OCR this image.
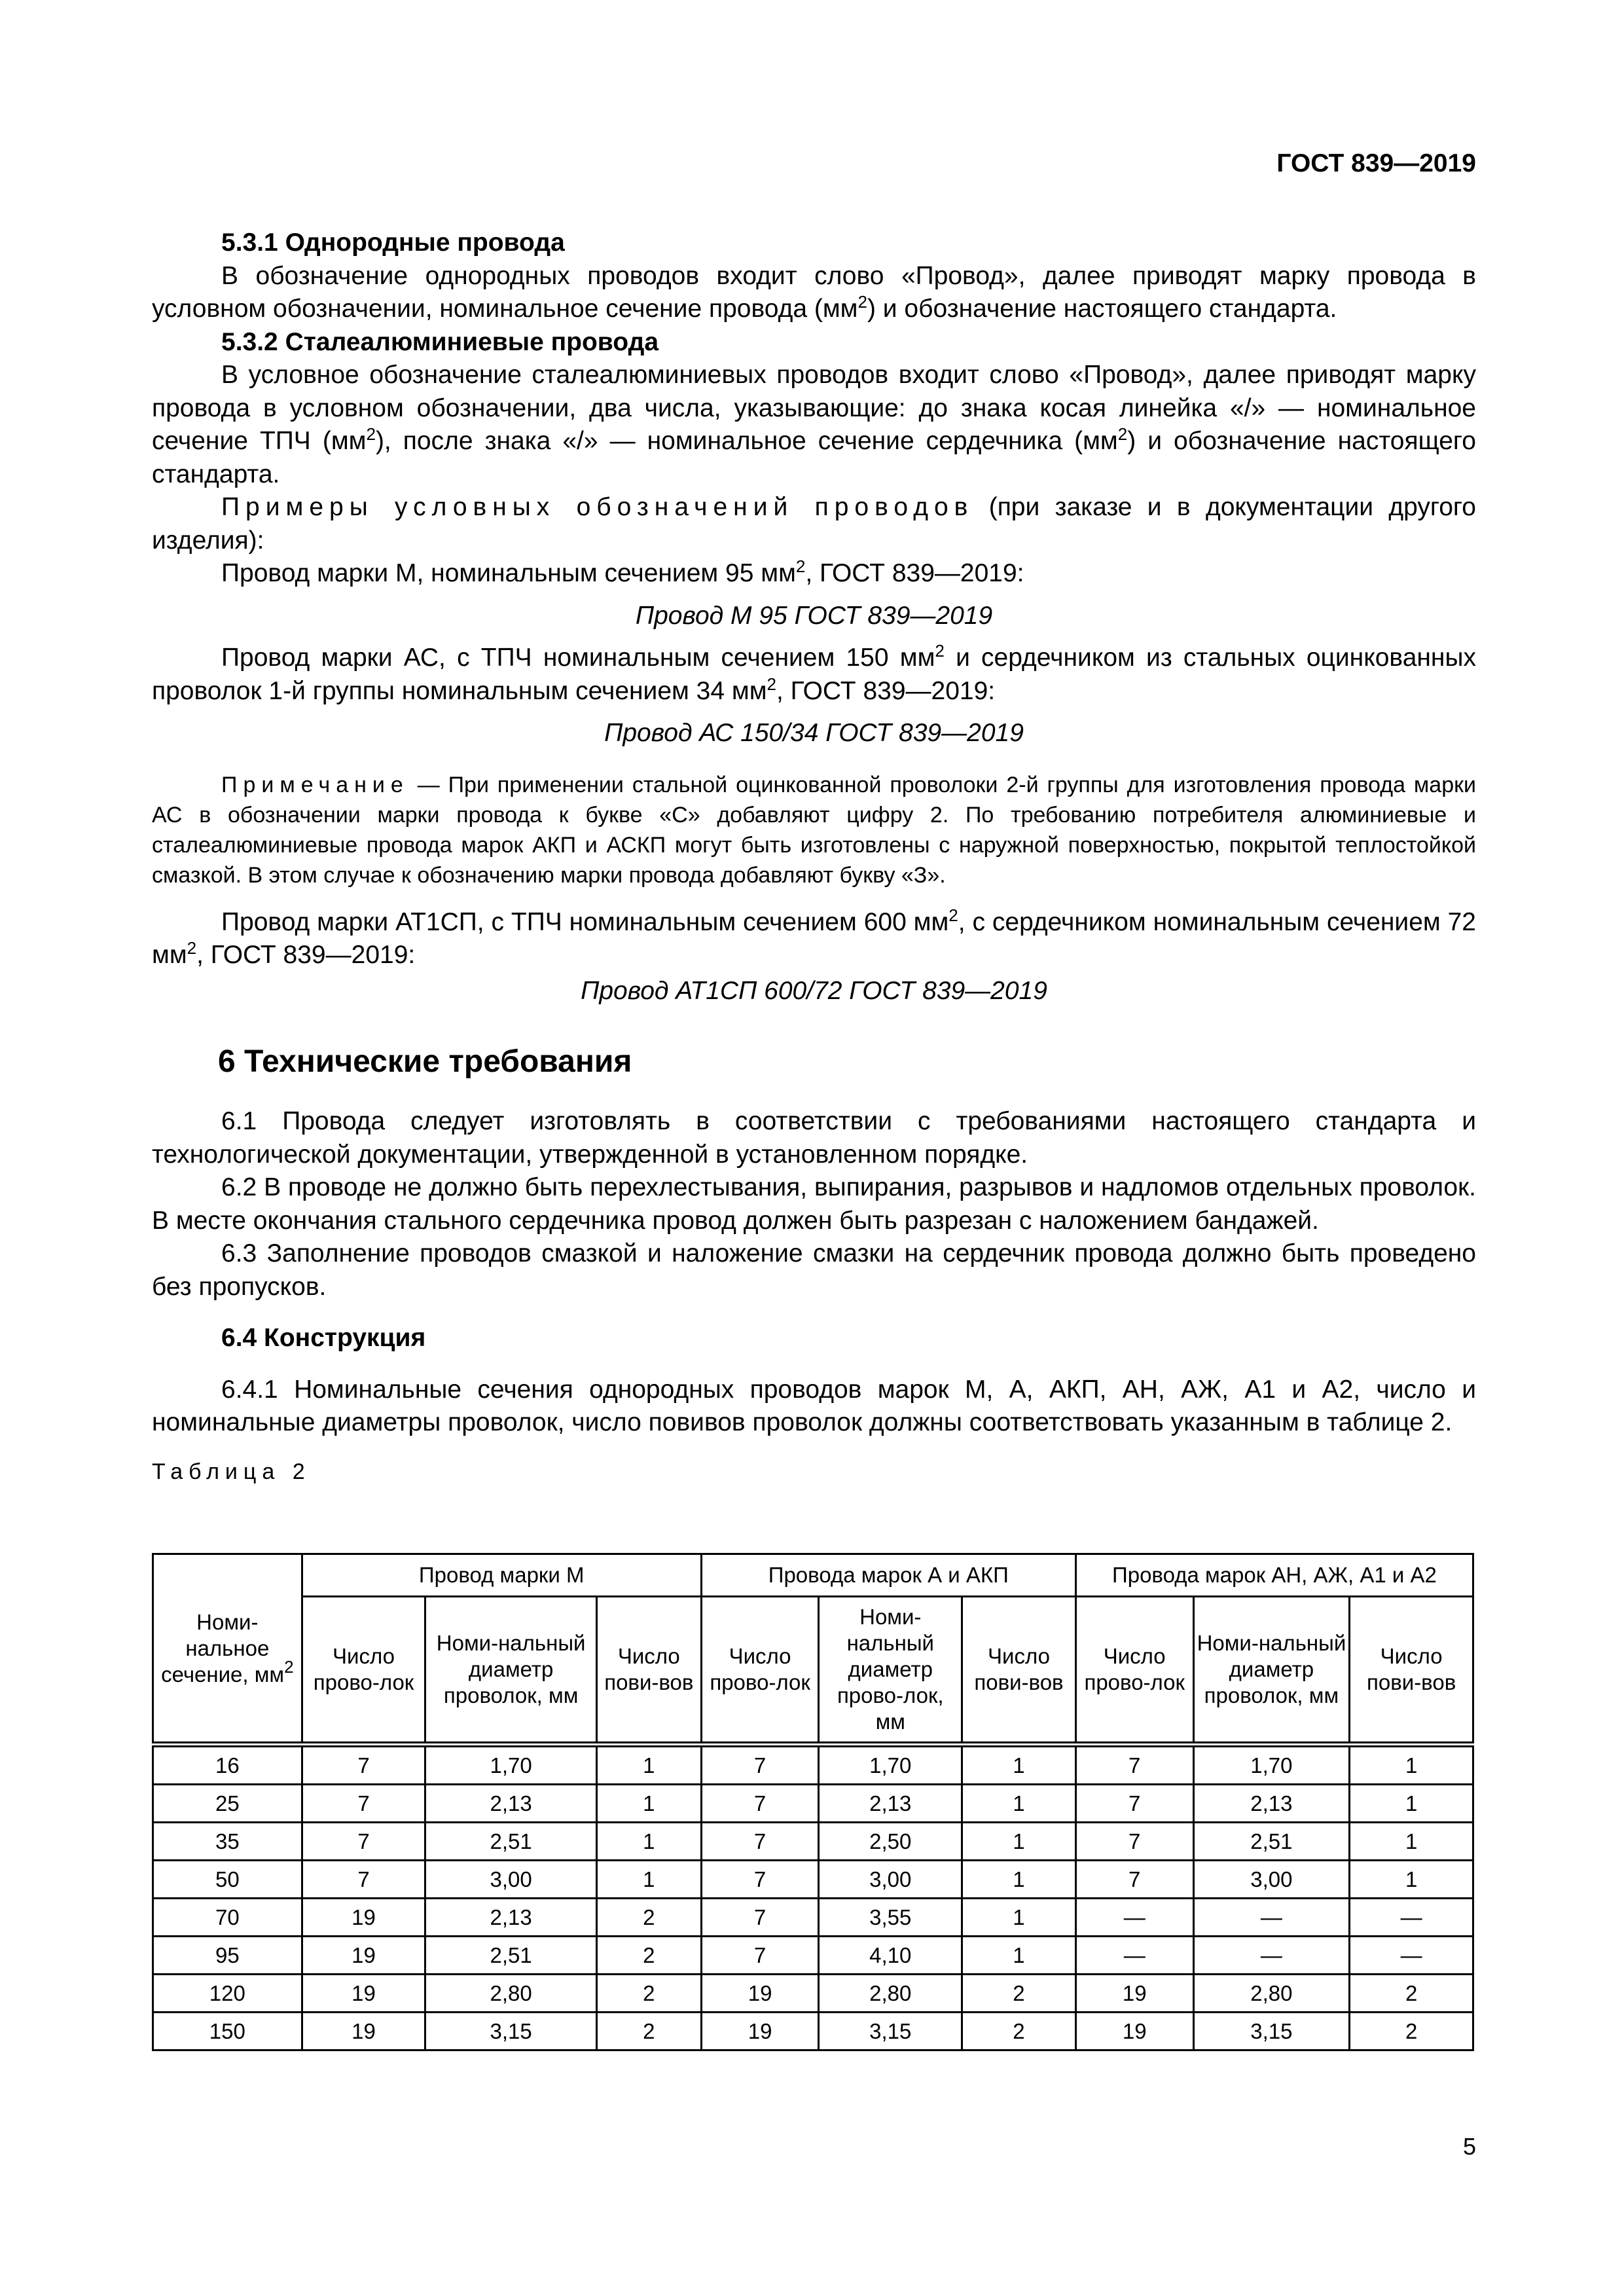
ГОСТ 839—2019

5.3.1 Однородные провода

В обозначение однородных проводов входит слово «Провод», далее приводят марку провода в условном обозначении, номинальное сечение провода $(мм^2)$ и обозначение настоящего стандарта.

5.3.2 Сталеалюминиевые провода

В условное обозначение сталеалюминиевых проводов входит слово «Провод», далее приводят марку провода в условном обозначении, два числа, указывающие: до знака косая линейка «/» — номинальное сечение ТПЧ $(мм^2)$, после знака «/» — номинальное сечение сердечника $(мм^2)$ и обозначение настоящего стандарта.

Примеры условных обозначений проводов (при заказе и в документации другого изделия):

Провод марки М, номинальным сечением 95 $мм^2$, ГОСТ 839—2019:

Провод М 95 ГОСТ 839—2019

Провод марки АС, с ТПЧ номинальным сечением 150 $мм^2$ и сердечником из стальных оцинкованных проволок 1-й группы номинальным сечением 34 $мм^2$, ГОСТ 839—2019:

Провод АС 150/34 ГОСТ 839—2019

Примечание — При применении стальной оцинкованной проволоки 2-й группы для изготовления провода марки АС в обозначении марки провода к букве «С» добавляют цифру 2. По требованию потребителя алюминиевые и сталеалюминиевые провода марок АКП и АСКП могут быть изготовлены с наружной поверхностью, покрытой теплостойкой смазкой. В этом случае к обозначению марки провода добавляют букву «З».

Провод марки АТ1СП, с ТПЧ номинальным сечением 600 $мм^2$, с сердечником номинальным сечением 72 $мм^2$, ГОСТ 839—2019:

Провод АТ1СП 600/72 ГОСТ 839—2019

6 Технические требования

6.1 Провода следует изготовлять в соответствии с требованиями настоящего стандарта и технологической документации, утвержденной в установленном порядке.

6.2 В проводе не должно быть перехлестывания, выпирания, разрывов и надломов отдельных проволок. В месте окончания стального сердечника провод должен быть разрезан с наложением бандажей.

6.3 Заполнение проводов смазкой и наложение смазки на сердечник провода должно быть проведено без пропусков.

6.4 Конструкция

6.4.1 Номинальные сечения однородных проводов марок М, А, АКП, АН, АЖ, А1 и А2, число и номинальные диаметры проволок, число повивов проволок должны соответствовать указанным в таблице 2.

Таблица 2

Номи-нальное сечение, $мм^2$	Провод марки М			Провода марок А и АКП			Провода марок АН, АЖ, А1 и А2		
	Число прово-лок	Номи-нальный диаметр проволок, мм	Число пови-вов	Число прово-лок	Номи-нальный диаметр прово-лок, мм	Число пови-вов	Число прово-лок	Номи-нальный диаметр проволок, мм	Число пови-вов
16	7	1,70	1	7	1,70	1	7	1,70	1
25	7	2,13	1	7	2,13	1	7	2,13	1
35	7	2,51	1	7	2,50	1	7	2,51	1
50	7	3,00	1	7	3,00	1	7	3,00	1
70	19	2,13	2	7	3,55	1	—	—	—
95	19	2,51	2	7	4,10	1	—	—	—
120	19	2,80	2	19	2,80	2	19	2,80	2
150	19	3,15	2	19	3,15	2	19	3,15	2
5
